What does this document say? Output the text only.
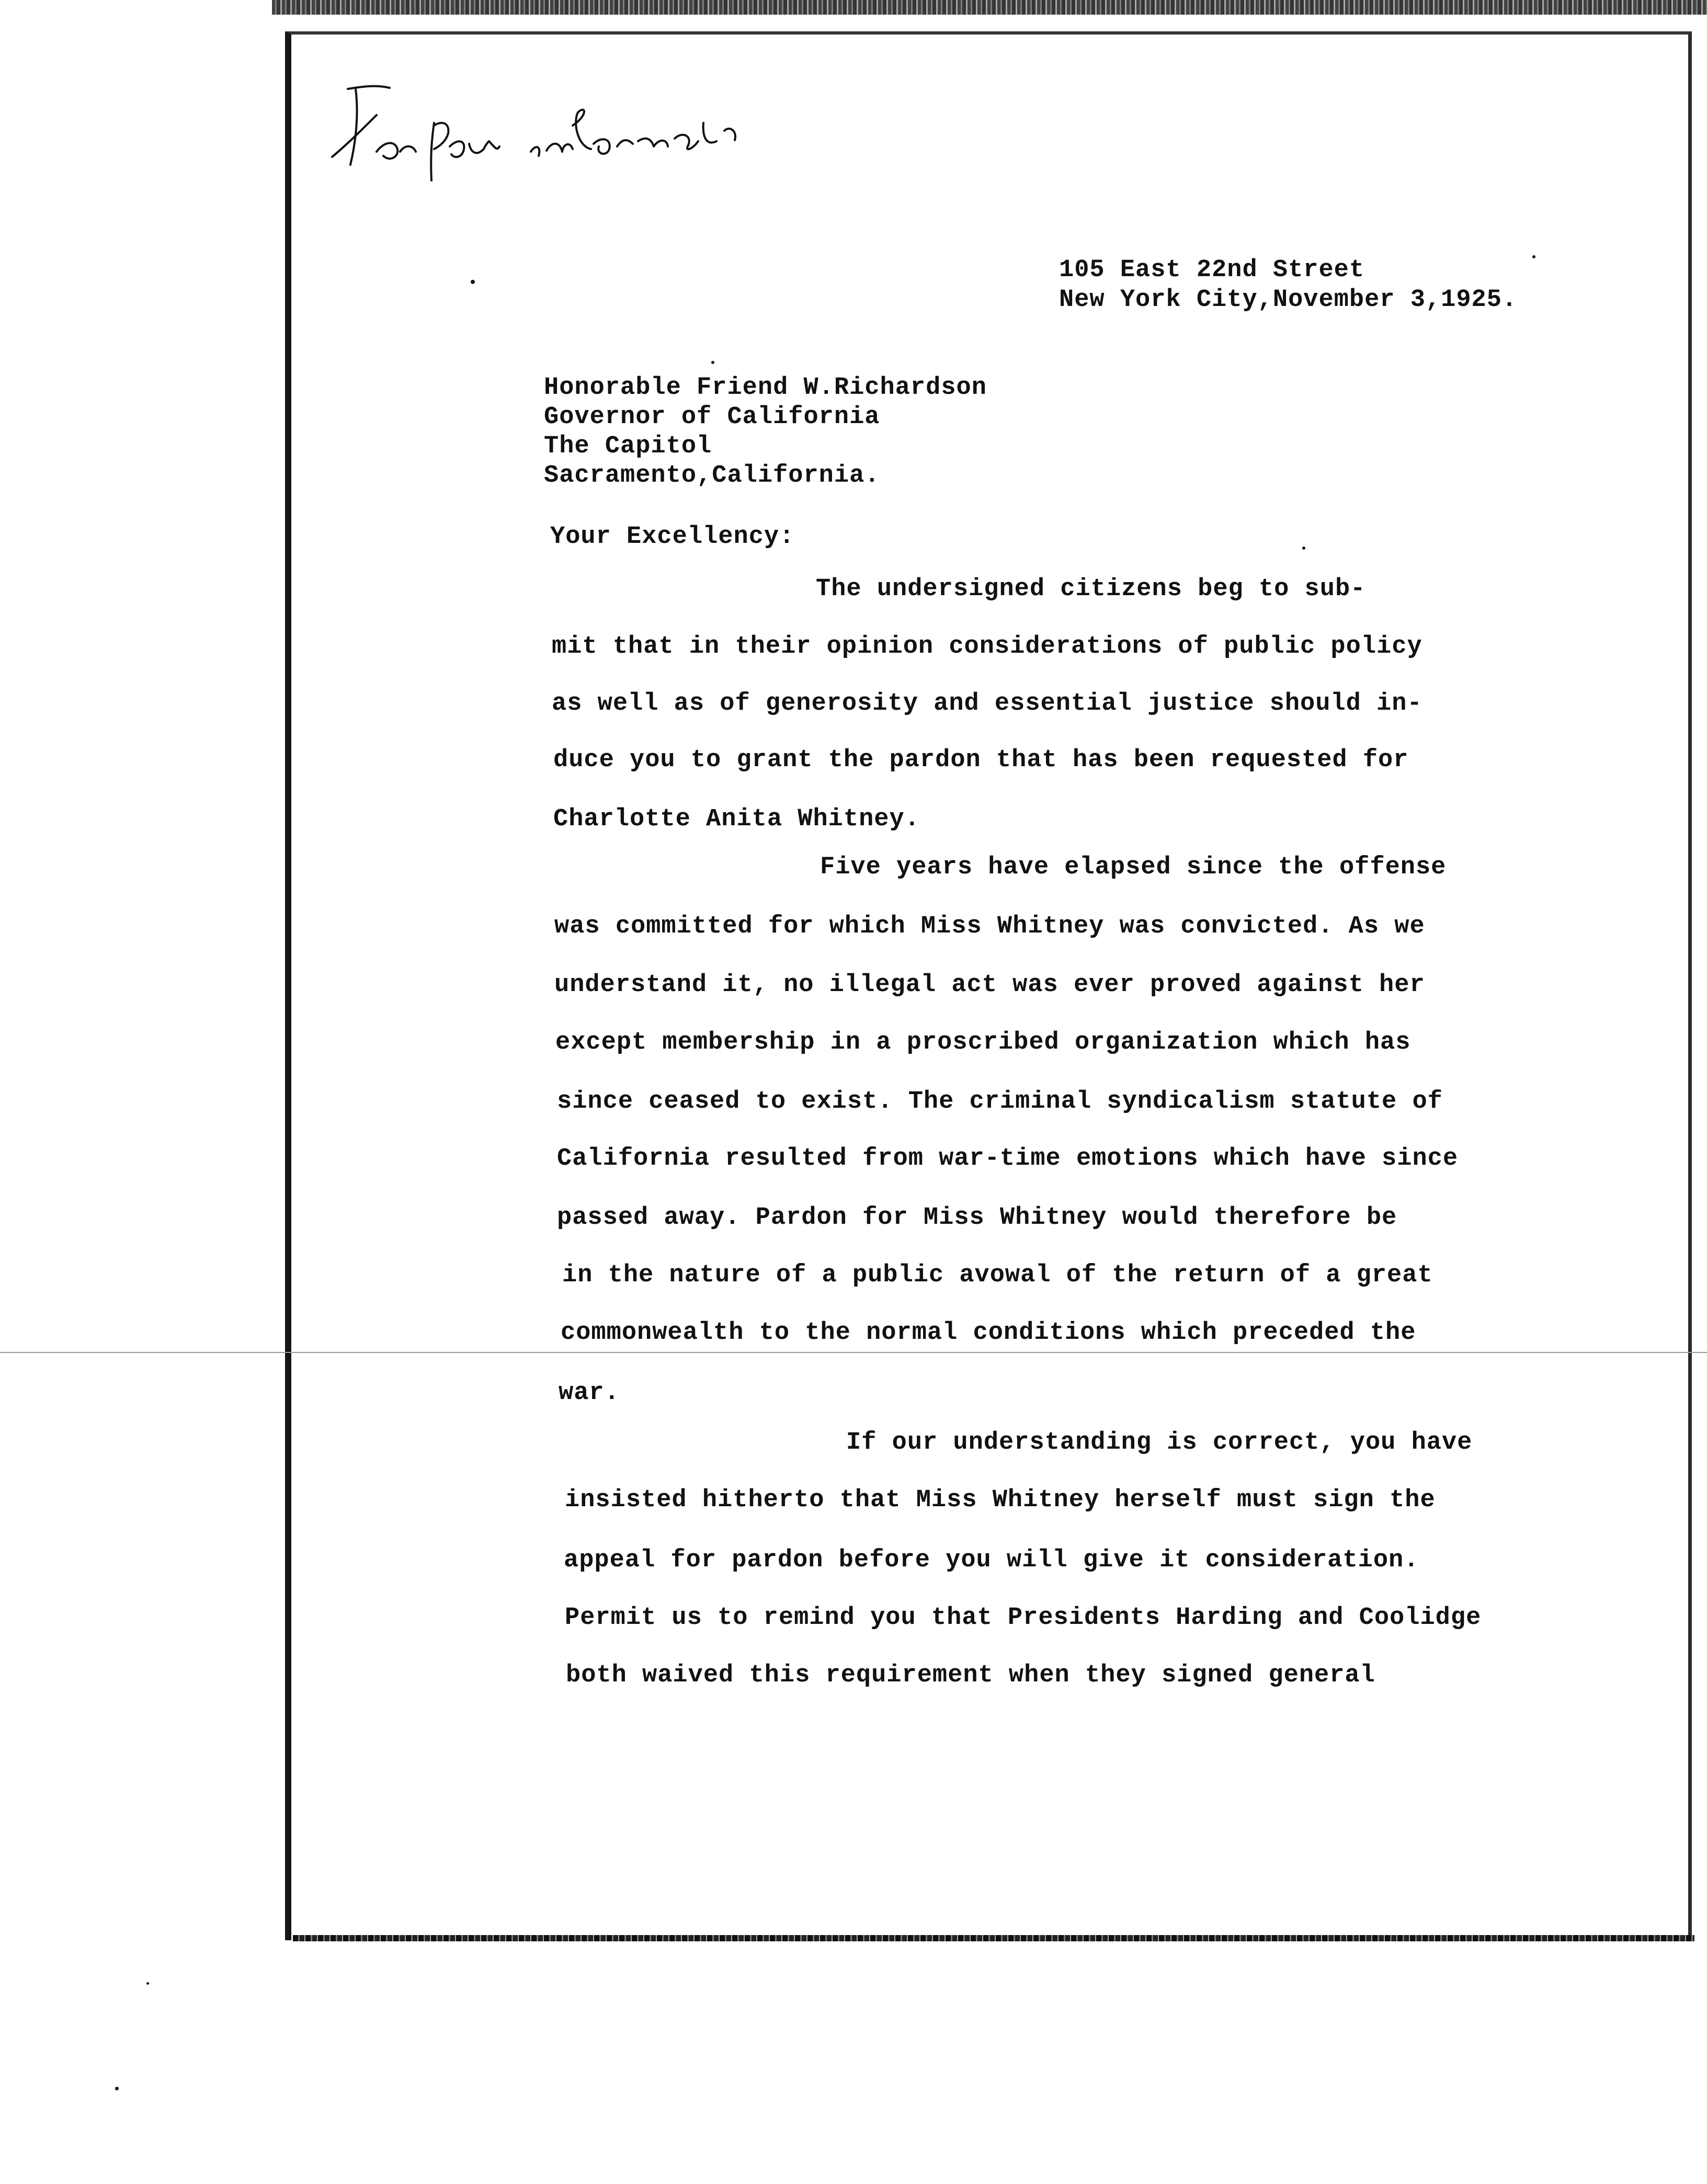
105 East 22nd Street
New York City,November 3,1925.
Honorable Friend W.Richardson
Governor of California
The Capitol
Sacramento,California.
Your Excellency:
The undersigned citizens beg to sub-
mit that in their opinion considerations of public policy
as well as of generosity and essential justice should in-
duce you to grant the pardon that has been requested for
Charlotte Anita Whitney.
Five years have elapsed since the offense
was committed for which Miss Whitney was convicted. As we
understand it, no illegal act was ever proved against her
except membership in a proscribed organization which has
since ceased to exist. The criminal syndicalism statute of
California resulted from war-time emotions which have since
passed away. Pardon for Miss Whitney would therefore be
in the nature of a public avowal of the return of a great
commonwealth to the normal conditions which preceded the
war.
If our understanding is correct, you have
insisted hitherto that Miss Whitney herself must sign the
appeal for pardon before you will give it consideration.
Permit us to remind you that Presidents Harding and Coolidge
both waived this requirement when they signed general
